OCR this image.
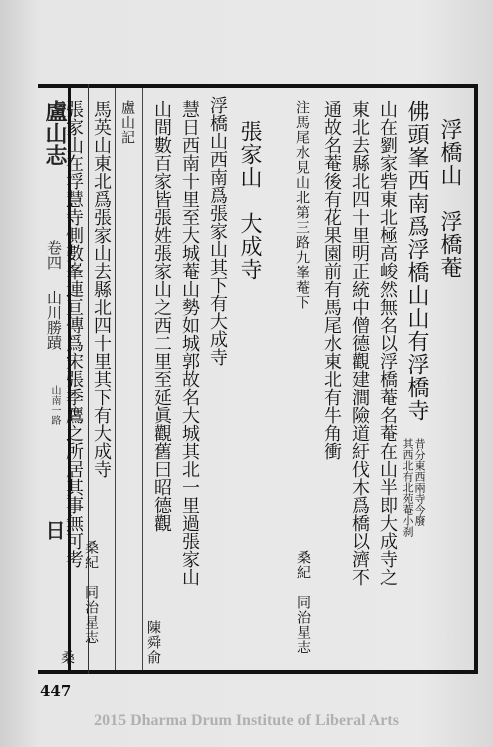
盧山志
卷四
山川勝蹟
山南一路
日
浮橋山　浮橋菴
佛頭峯西南爲浮橋山山有浮橋寺
昔分東西兩寺今廢
其西北有北苑菴小刹
山在劉家砦東北極高峻然無名以浮橋菴名菴在山半即大成寺之
東北去縣北四十里明正統中僧德觀建澗險道紆伐木爲橋以濟不
通故名菴後有花果園前有馬尾水東北有牛角衝
桑紀　同治星志
注馬尾水見山北第三路九峯菴下
張家山　大成寺
浮橋山西南爲張家山其下有大成寺
慧日西南十里至大城菴山勢如城郭故名大城其北一里過張家山
山間數百家皆張姓張家山之西二里至延眞觀舊曰昭德觀
陳舜俞
盧山記
馬英山東北爲張家山去縣北四十里其下有大成寺
桑紀　同治星志
張家山在浮慧寺側數峯連亘傳爲宋張季鷹之所居其事無可考
桑
447
2015 Dharma Drum Institute of Liberal Arts
